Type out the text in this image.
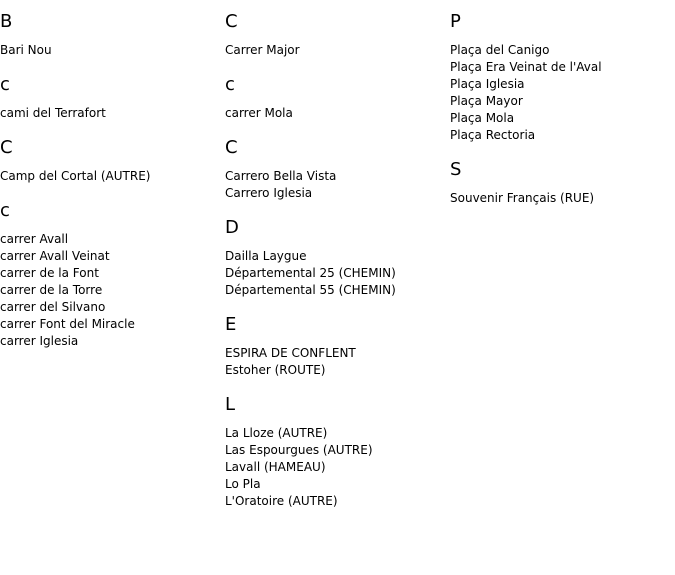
B
Bari Nou
c
cami del Terrafort
C
Camp del Cortal (AUTRE)
c
carrer Avall
carrer Avall Veinat
carrer de la Font
carrer de la Torre
carrer del Silvano
carrer Font del Miracle
carrer Iglesia
C
Carrer Major
c
carrer Mola
C
Carrero Bella Vista
Carrero Iglesia
D
Dailla Laygue
Départemental 25 (CHEMIN)
Départemental 55 (CHEMIN)
E
ESPIRA DE CONFLENT
Estoher (ROUTE)
L
La Lloze (AUTRE)
Las Espourgues (AUTRE)
Lavall (HAMEAU)
Lo Pla
L'Oratoire (AUTRE)
P
Plaça del Canigo
Plaça Era Veinat de l'Aval
Plaça Iglesia
Plaça Mayor
Plaça Mola
Plaça Rectoria
S
Souvenir Français (RUE)
